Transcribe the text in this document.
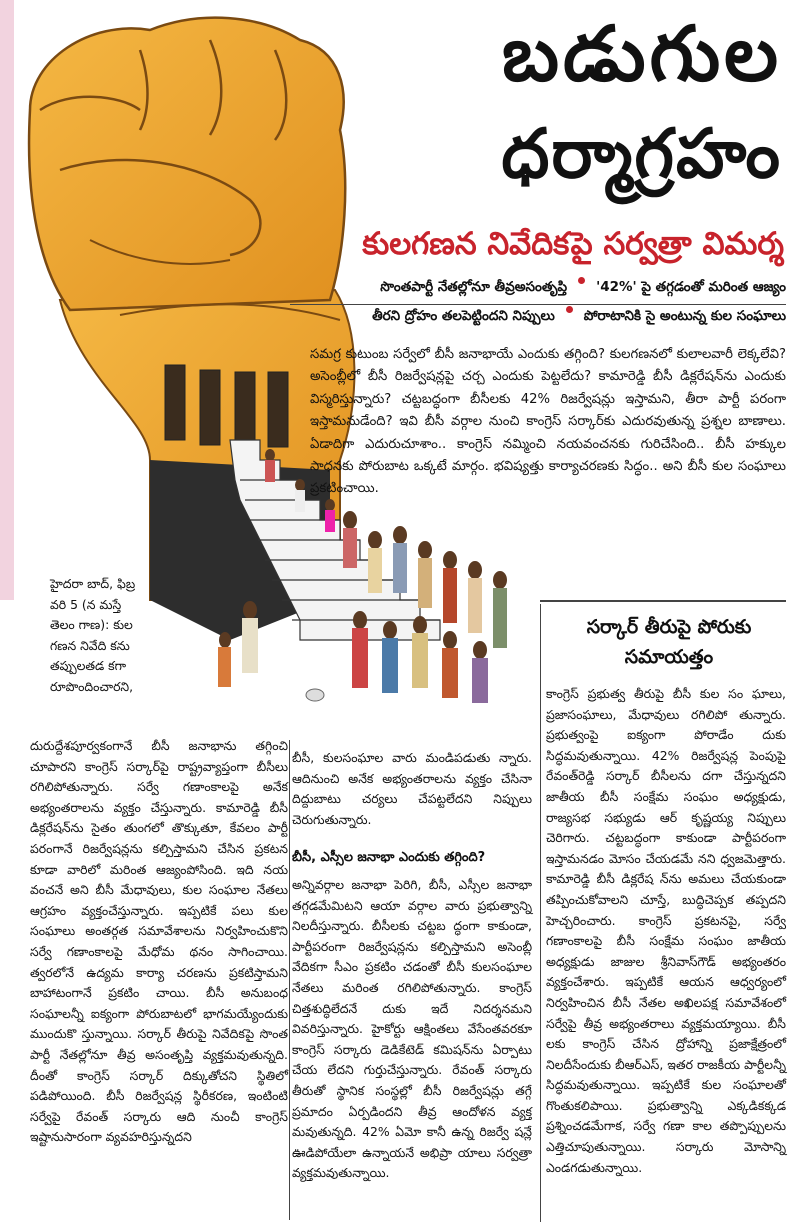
బడుగుల
ధర్మాగ్రహం
కులగణన నివేదికపై సర్వత్రా విమర్శ
సొంతపార్టీ నేతల్లోనూ తీవ్రఅసంతృప్తి '42%' పై తగ్గడంతో మరింత ఆజ్యం
తీరని ద్రోహం తలపెట్టిందని నిప్పులు పోరాటానికి సై అంటున్న కుల సంఘాలు
సమగ్ర కుటుంబ సర్వేలో బీసీ జనాభాయే ఎందుకు తగ్గింది? కులగణనలో కులాలవారీ లెక్కలేవి? అసెంబ్లీలో బీసీ రిజర్వేషన్లపై చర్చ ఎందుకు పెట్టలేదు? కామారెడ్డి బీసీ డిక్లరేషన్‌ను ఎందుకు విస్మరిస్తున్నారు? చట్టబద్ధంగా బీసీలకు 42% రిజర్వేషన్లు ఇస్తామని, తీరా పార్టీ పరంగా ఇస్తామనుడేంది? ఇవి బీసీ వర్గాల నుంచి కాంగ్రెస్ సర్కార్‌కు ఎదురవుతున్న ప్రశ్నల బాణాలు. ఏడాదిగా ఎదురుచూశాం.. కాంగ్రెస్ నమ్మించి నయవంచనకు గురిచేసింది.. బీసీ హక్కుల సాధనకు పోరుబాట ఒక్కటే మార్గం. భవిష్యత్తు కార్యాచరణకు సిద్ధం.. అని బీసీ కుల సంఘాలు ప్రకటించాయి.
హైదరా బాద్, ఫిబ్ర వరి 5 (న మస్తే తెలం గాణ): కుల గణన నివేది కను తప్పులతడ కగా రూపొందించారని,

దురుద్దేశపూర్వకంగానే బీసీ జనాభాను తగ్గించి చూపారని కాంగ్రెస్ సర్కార్‌పై రాష్ట్రవ్యాప్తంగా బీసీలు రగిలిపోతున్నారు. సర్వే గణాంకాలపై అనేక అభ్యంతరాలను వ్యక్తం చేస్తున్నారు. కామారెడ్డి బీసీ డిక్లరేషన్‌ను సైతం తుంగలో తొక్కుతూ, కేవలం పార్టీ పరంగానే రిజర్వేషన్లను కల్పిస్తామని చేసిన ప్రకటన కూడా వారిలో మరింత ఆజ్యంపోసింది. ఇది నయ వంచనే అని బీసీ మేధావులు, కుల సంఘాల నేతలు ఆగ్రహం వ్యక్తంచేస్తున్నారు. ఇప్పటికే పలు కుల సంఘాలు అంతర్గత సమావేశాలను నిర్వహించుకొని సర్వే గణాంకాలపై మేధోమ థనం సాగించాయి. త్వరలోనే ఉద్యమ కార్యా చరణను ప్రకటిస్తామని బాహాటంగానే ప్రకటిం చాయి. బీసీ అనుబంధ సంఘాలన్నీ ఐక్యంగా పోరుబాటలో భాగమయ్యేందుకు ముందుకొ స్తున్నాయి. సర్కార్ తీరుపై నివేదికపై సొంత పార్టీ నేతల్లోనూ తీవ్ర అసంతృప్తి వ్యక్తమవుతున్నది. దీంతో కాంగ్రెస్ సర్కార్ దిక్కుతోచని స్థితిలో పడిపోయింది. బీసీ రిజర్వేషన్ల స్థిరీకరణ, ఇంటింటి సర్వేపై రేవంత్ సర్కారు ఆది నుంచీ కాంగ్రెస్ ఇష్టానుసారంగా వ్యవహరిస్తున్నదని

బీసీ, కులసంఘాల వారు మండిపడుతు న్నారు. ఆదినుంచి అనేక అభ్యంతరాలను వ్యక్తం చేసినా దిద్దుబాటు చర్యలు చేపట్టలేదని నిప్పులు చెరుగుతున్నారు.

బీసీ, ఎస్సీల జనాభా ఎందుకు తగ్గింది?
అన్నివర్గాల జనాభా పెరిగి, బీసీ, ఎస్సీల జనాభా తగ్గడమేమిటని ఆయా వర్గాల వారు ప్రభుత్వాన్ని నిలదీస్తున్నారు. బీసీలకు చట్టబ ద్ధంగా కాకుండా, పార్టీపరంగా రిజర్వేషన్లను కల్పిస్తామని అసెంబ్లీ వేదికగా సీఎం ప్రకటిం చడంతో బీసీ కులసంఘాల నేతలు మరింత రగిలిపోతున్నారు. కాంగ్రెస్ చిత్తశుద్ధిలేదనే దుకు ఇదే నిదర్శనమని వివరిస్తున్నారు. హైకోర్టు ఆక్షింతలు వేసేంతవరకూ కాంగ్రెస్ సర్కారు డెడికేటెడ్ కమిషన్‌ను ఏర్పాటు చేయ లేదని గుర్తుచేస్తున్నారు. రేవంత్ సర్కారు తీరుతో స్థానిక సంస్థల్లో బీసీ రిజర్వేషన్లు తగ్గే ప్రమాదం ఏర్పడిందని తీవ్ర ఆందోళన వ్యక్త మవుతున్నది. 42% ఏమో కానీ ఉన్న రిజర్వే షన్లే ఊడిపోయేలా ఉన్నాయనే అభిప్రా యాలు సర్వత్రా వ్యక్తమవుతున్నాయి.
సర్కార్ తీరుపై పోరుకు సమాయత్తం

కాంగ్రెస్ ప్రభుత్వ తీరుపై బీసీ కుల సం ఘాలు, ప్రజాసంఘాలు, మేధావులు రగిలిపో తున్నారు. ప్రభుత్వంపై ఐక్యంగా పోరాడేం దుకు సిద్ధమవుతున్నాయి. 42% రిజర్వేషన్ల పెంపుపై రేవంత్‌రెడ్డి సర్కార్ బీసీలను దగా చేస్తున్నదని జాతీయ బీసీ సంక్షేమ సంఘం అధ్యక్షుడు, రాజ్యసభ సభ్యుడు ఆర్ కృష్ణయ్య నిప్పులు చెరిగారు. చట్టబద్ధంగా కాకుండా పార్టీపరంగా ఇస్తామనడం మోసం చేయడమే నని ధ్వజమెత్తారు. కామారెడ్డి బీసీ డిక్లరేష న్‌ను అమలు చేయకుండా తప్పించుకోవాలని చూస్తే, బుద్ధిచెప్పక తప్పదని హెచ్చరించారు. కాంగ్రెస్ ప్రకటనపై, సర్వే గణాంకాలపై బీసీ సంక్షేమ సంఘం జాతీయ అధ్యక్షుడు జాజుల శ్రీనివాస్‌గౌడ్ అభ్యంతరం వ్యక్తంచేశారు. ఇప్పటికే ఆయన ఆధ్వర్యంలో నిర్వహించిన బీసీ నేతల అఖిలపక్ష సమావేశంలో సర్వేపై తీవ్ర అభ్యంతరాలు వ్యక్తమయ్యాయి. బీసీ లకు కాంగ్రెస్ చేసిన ద్రోహాన్ని ప్రజాక్షేత్రంలో నిలదీసేందుకు బీఆర్‌ఎస్, ఇతర రాజకీయ పార్టీలన్నీ సిద్ధమవుతున్నాయి. ఇప్పటికే కుల సంఘాలతో గొంతుకలిపాయి. ప్రభుత్వాన్ని ఎక్కడికక్కడ ప్రశ్నించడమేగాక, సర్వే గణా కాల తప్పొప్పులను ఎత్తిచూపుతున్నాయి. సర్కారు మోసాన్ని ఎండగడుతున్నాయి.
